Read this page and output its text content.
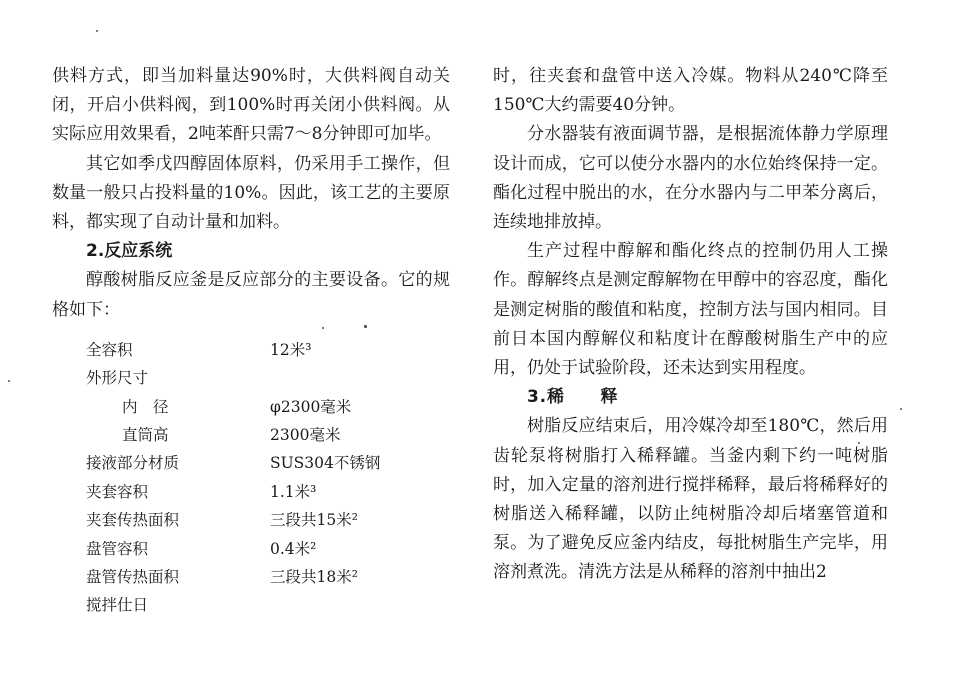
供料方式，即当加料量达90%时，大供料阀自动关闭，开启小供料阀，到100%时再关闭小供料阀。从实际应用效果看，2吨苯酐只需7～8分钟即可加毕。

其它如季戊四醇固体原料，仍采用手工操作，但数量一般只占投料量的10%。因此，该工艺的主要原料，都实现了自动计量和加料。

2.反应系统

醇酸树脂反应釜是反应部分的主要设备。它的规格如下：

全容积	12米³
外形尺寸
内　径	φ2300毫米
直筒高	2300毫米
接液部分材质	SUS304不锈钢
夹套容积	1.1米³
夹套传热面积	三段共15米²
盘管容积	0.4米²
盘管传热面积	三段共18米²
搅拌仕日

时，往夹套和盘管中送入冷媒。物料从240℃降至150℃大约需要40分钟。

分水器装有液面调节器，是根据流体静力学原理设计而成，它可以使分水器内的水位始终保持一定。酯化过程中脱出的水，在分水器内与二甲苯分离后，连续地排放掉。

生产过程中醇解和酯化终点的控制仍用人工操作。醇解终点是测定醇解物在甲醇中的容忍度，酯化是测定树脂的酸值和粘度，控制方法与国内相同。目前日本国内醇解仪和粘度计在醇酸树脂生产中的应用，仍处于试验阶段，还未达到实用程度。

3.稀　　释

树脂反应结束后，用冷媒冷却至180℃，然后用齿轮泵将树脂打入稀释罐。当釜内剩下约一吨树脂时，加入定量的溶剂进行搅拌稀释，最后将稀释好的树脂送入稀释罐，以防止纯树脂冷却后堵塞管道和泵。为了避免反应釜内结皮，每批树脂生产完毕，用溶剂煮洗。清洗方法是从稀释的溶剂中抽出2
